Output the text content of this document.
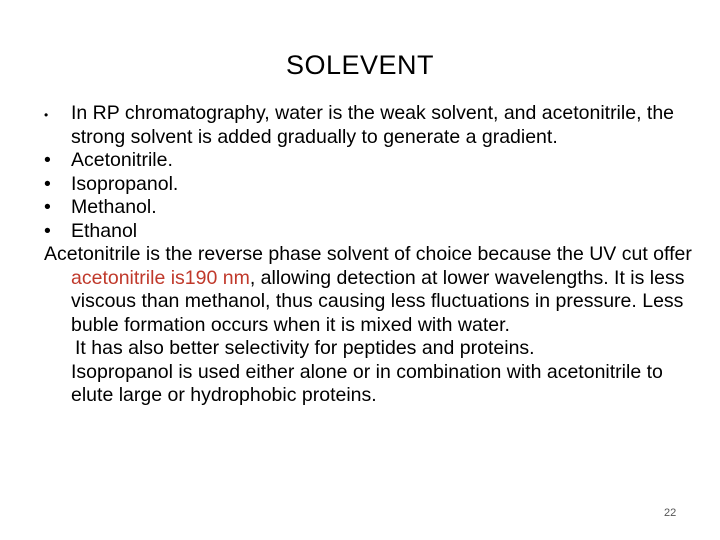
SOLEVENT
•	In RP chromatography, water is the weak solvent, and acetonitrile, the strong solvent is added gradually to generate a gradient.
•	Acetonitrile.
•	Isopropanol.
•	Methanol.
•	Ethanol
Acetonitrile is the reverse phase solvent of choice because the UV cut offer acetonitrile is190 nm, allowing detection at lower wavelengths. It is less viscous than methanol, thus causing less fluctuations in pressure. Less buble formation occurs when it is mixed with water.
It has also better selectivity for peptides and proteins.
Isopropanol is used either alone or in combination with acetonitrile to elute large or hydrophobic proteins.
22
